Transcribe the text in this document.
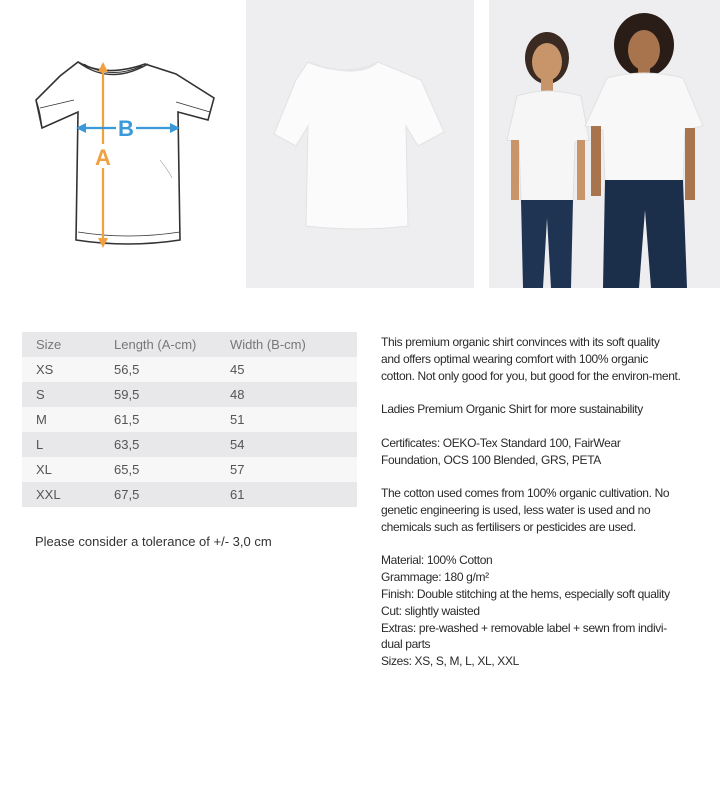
B
A
Size	Length (A-cm)	Width (B-cm)
XS	56,5	45
S	59,5	48
M	61,5	51
L	63,5	54
XL	65,5	57
XXL	67,5	61
Please consider a tolerance of +/- 3,0 cm

This premium organic shirt convinces with its soft quality and offers optimal wearing comfort with 100% organic cotton. Not only good for you, but good for the environ-ment.

Ladies Premium Organic Shirt for more sustainability

Certificates: OEKO-Tex Standard 100, FairWear Foundation, OCS 100 Blended, GRS, PETA

The cotton used comes from 100% organic cultivation. No genetic engineering is used, less water is used and no chemicals such as fertilisers or pesticides are used.

Material: 100% Cotton

Grammage: 180 g/m²

Finish: Double stitching at the hems, especially soft quality

Cut: slightly waisted

Extras: pre-washed + removable label + sewn from indivi-dual parts

Sizes: XS, S, M, L, XL, XXL
